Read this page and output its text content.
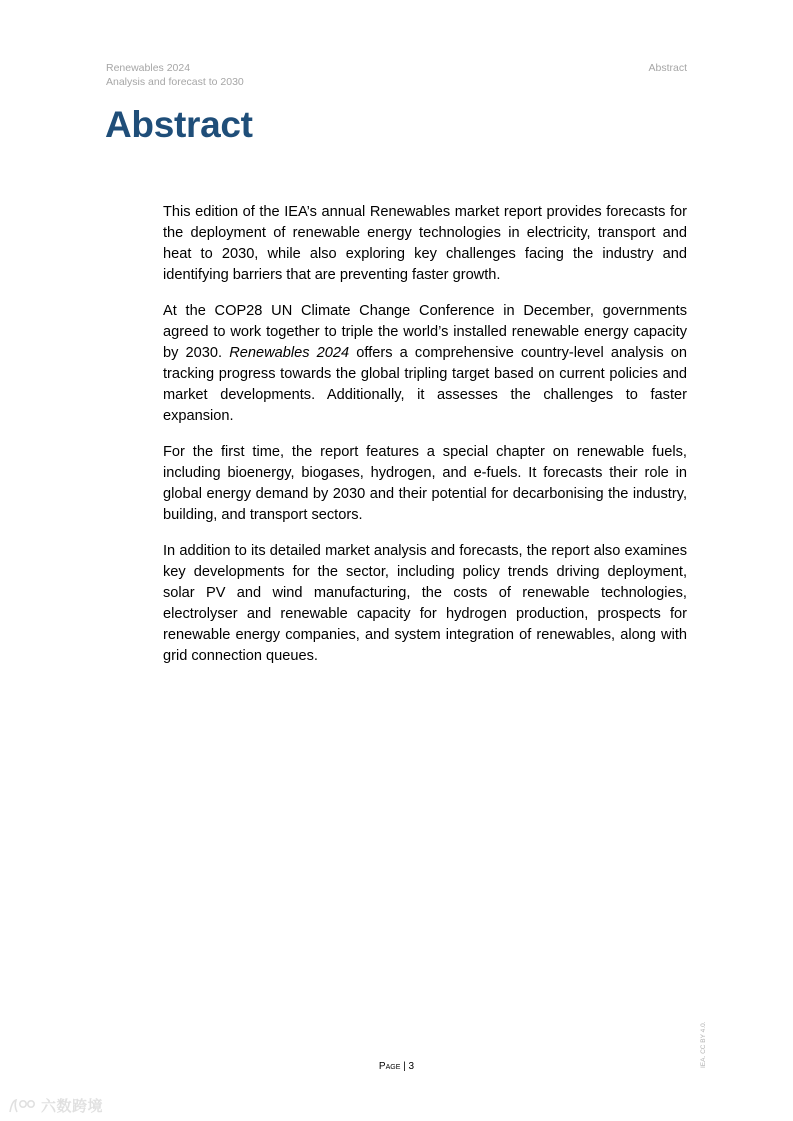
Renewables 2024
Analysis and forecast to 2030
Abstract
Abstract

This edition of the IEA’s annual Renewables market report provides forecasts for the deployment of renewable energy technologies in electricity, transport and heat to 2030, while also exploring key challenges facing the industry and identifying barriers that are preventing faster growth.

At the COP28 UN Climate Change Conference in December, governments agreed to work together to triple the world’s installed renewable energy capacity by 2030. Renewables 2024 offers a comprehensive country-level analysis on tracking progress towards the global tripling target based on current policies and market developments. Additionally, it assesses the challenges to faster expansion.

For the first time, the report features a special chapter on renewable fuels, including bioenergy, biogases, hydrogen, and e-fuels. It forecasts their role in global energy demand by 2030 and their potential for decarbonising the industry, building, and transport sectors.

In addition to its detailed market analysis and forecasts, the report also examines key developments for the sector, including policy trends driving deployment, solar PV and wind manufacturing, the costs of renewable technologies, electrolyser and renewable capacity for hydrogen production, prospects for renewable energy companies, and system integration of renewables, along with grid connection queues.

Page | 3	IEA. CC BY 4.0.
六数跨境
